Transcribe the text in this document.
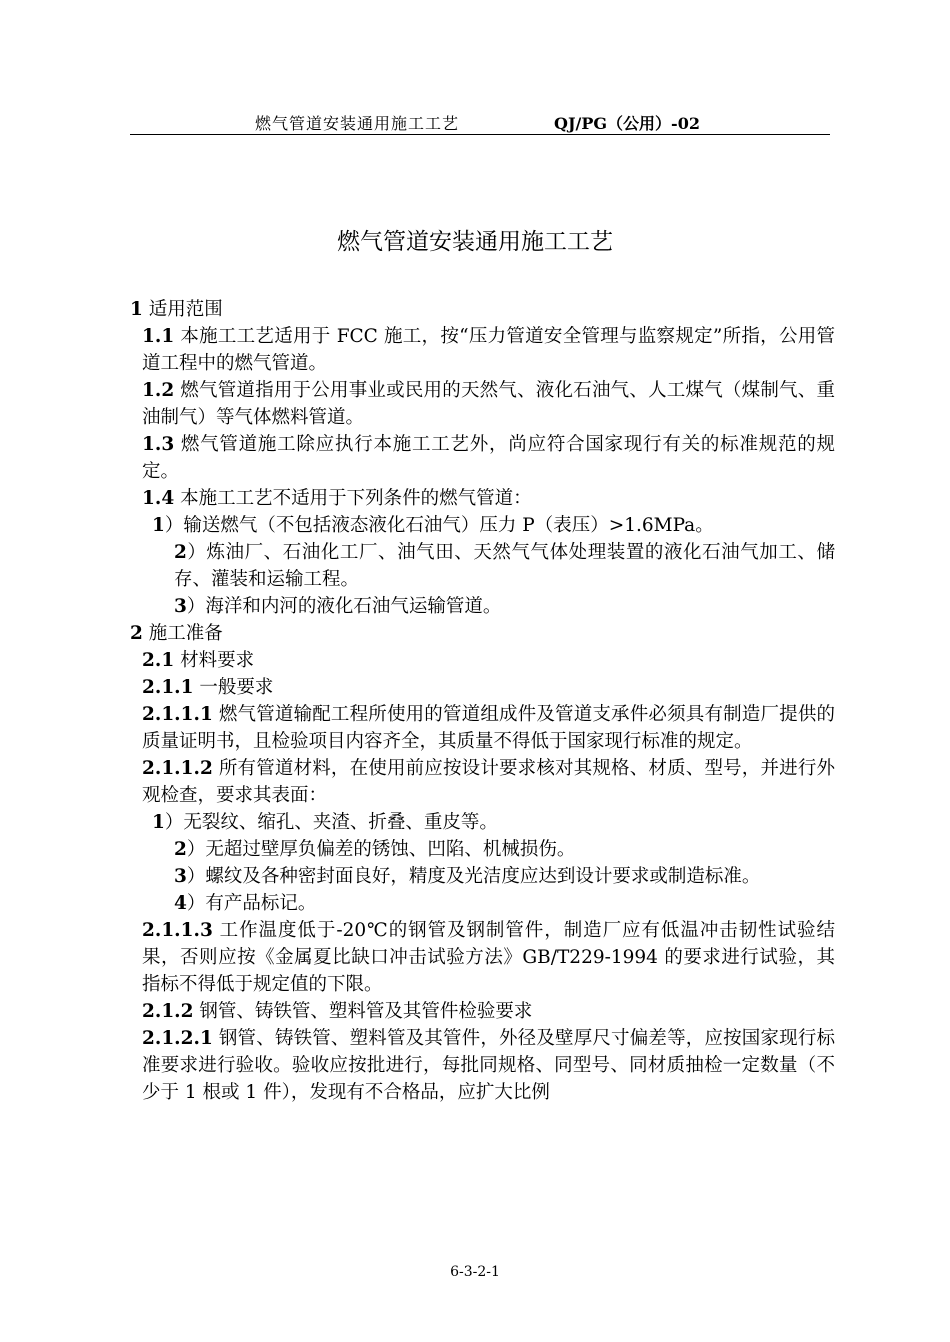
燃气管道安装通用施工工艺	QJ/PG（公用）-02
燃气管道安装通用施工工艺

1 适用范围

1.1 本施工工艺适用于 FCC 施工，按“压力管道安全管理与监察规定”所指，公用管道工程中的燃气管道。

1.2 燃气管道指用于公用事业或民用的天然气、液化石油气、人工煤气（煤制气、重油制气）等气体燃料管道。

1.3 燃气管道施工除应执行本施工工艺外，尚应符合国家现行有关的标准规范的规定。

1.4 本施工工艺不适用于下列条件的燃气管道：

1）输送燃气（不包括液态液化石油气）压力 P（表压）>1.6MPa。

2）炼油厂、石油化工厂、油气田、天然气气体处理装置的液化石油气加工、储存、灌装和运输工程。

3）海洋和内河的液化石油气运输管道。

2 施工准备

2.1 材料要求

2.1.1 一般要求

2.1.1.1 燃气管道输配工程所使用的管道组成件及管道支承件必须具有制造厂提供的质量证明书，且检验项目内容齐全，其质量不得低于国家现行标准的规定。

2.1.1.2 所有管道材料，在使用前应按设计要求核对其规格、材质、型号，并进行外观检查，要求其表面：

1）无裂纹、缩孔、夹渣、折叠、重皮等。

2）无超过壁厚负偏差的锈蚀、凹陷、机械损伤。

3）螺纹及各种密封面良好，精度及光洁度应达到设计要求或制造标准。

4）有产品标记。

2.1.1.3 工作温度低于-20℃的钢管及钢制管件，制造厂应有低温冲击韧性试验结果，否则应按《金属夏比缺口冲击试验方法》GB/T229-1994 的要求进行试验，其指标不得低于规定值的下限。

2.1.2 钢管、铸铁管、塑料管及其管件检验要求

2.1.2.1 钢管、铸铁管、塑料管及其管件，外径及壁厚尺寸偏差等，应按国家现行标准要求进行验收。验收应按批进行，每批同规格、同型号、同材质抽检一定数量（不少于 1 根或 1 件），发现有不合格品，应扩大比例

6-3-2-1
